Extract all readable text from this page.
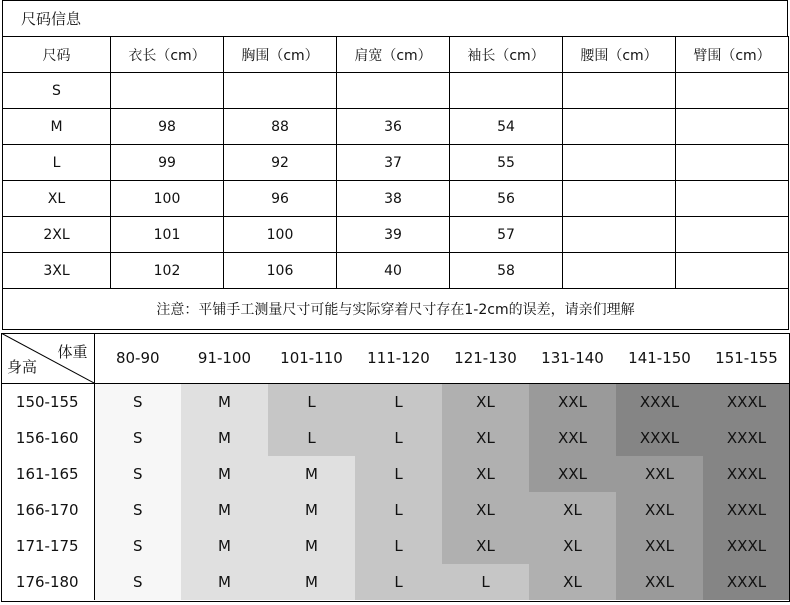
尺码信息
尺码	衣长（cm）	胸围（cm）	肩宽（cm）	袖长（cm）	腰围（cm）	臂围（cm）
S						
M	98	88	36	54		
L	99	92	37	55		
XL	100	96	38	56		
2XL	101	100	39	57		
3XL	102	106	40	58		
注意：平铺手工测量尺寸可能与实际穿着尺寸存在1-2cm的误差，请亲们理解						
体重
身高	80-90	91-100	101-110	111-120	121-130	131-140	141-150	151-155
150-155	S	M	L	L	XL	XXL	XXXL	XXXL
156-160	S	M	L	L	XL	XXL	XXXL	XXXL
161-165	S	M	M	L	XL	XXL	XXL	XXXL
166-170	S	M	M	L	XL	XL	XXL	XXXL
171-175	S	M	M	L	XL	XL	XXL	XXXL
176-180	S	M	M	L	L	XL	XXL	XXXL
